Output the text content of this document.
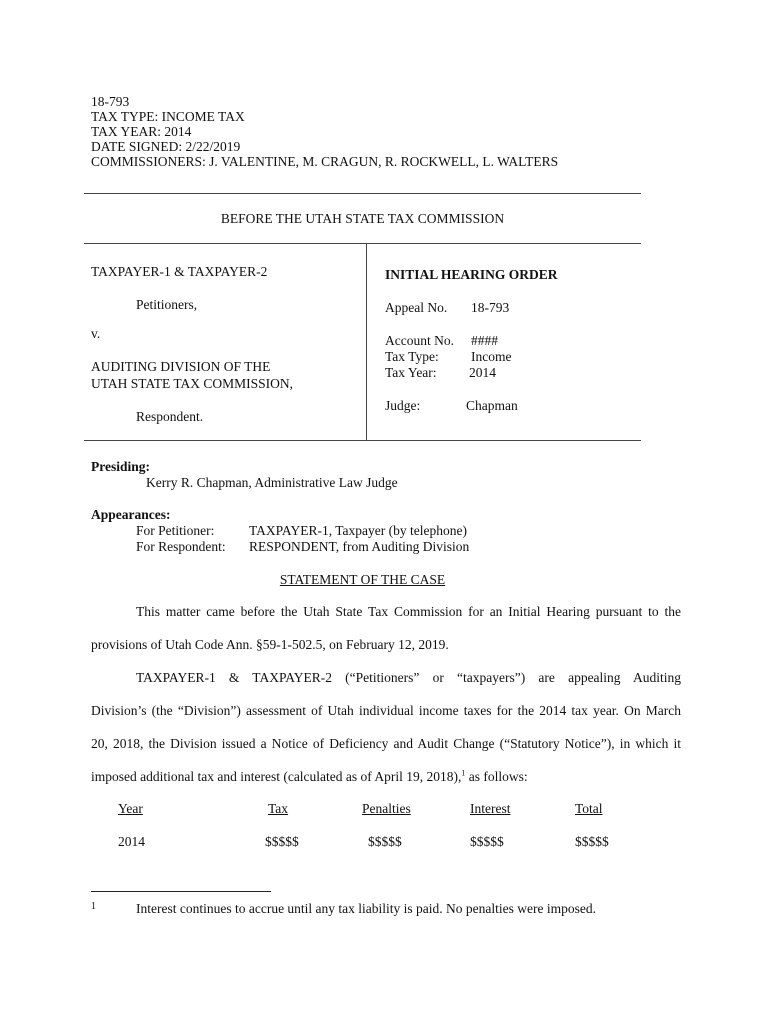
18-793
TAX TYPE: INCOME TAX
TAX YEAR: 2014
DATE SIGNED: 2/22/2019
COMMISSIONERS: J. VALENTINE, M. CRAGUN, R. ROCKWELL, L. WALTERS
BEFORE THE UTAH STATE TAX COMMISSION
TAXPAYER-1 & TAXPAYER-2
Petitioners,
v.
AUDITING DIVISION OF THE
UTAH STATE TAX COMMISSION,
Respondent.
INITIAL HEARING ORDER
Appeal No. 18-793
Account No. ####
Tax Type: Income
Tax Year: 2014
Judge:	Chapman
Presiding:
Kerry R. Chapman, Administrative Law Judge
Appearances:
For Petitioner:	TAXPAYER-1, Taxpayer (by telephone)
For Respondent: RESPONDENT, from Auditing Division
STATEMENT OF THE CASE
This matter came before the Utah State Tax Commission for an Initial Hearing pursuant to the
provisions of Utah Code Ann. §59-1-502.5, on February 12, 2019.
TAXPAYER-1 & TAXPAYER-2 (“Petitioners” or “taxpayers”) are appealing Auditing
Division’s (the “Division”) assessment of Utah individual income taxes for the 2014 tax year. On March
20, 2018, the Division issued a Notice of Deficiency and Audit Change (“Statutory Notice”), in which it
imposed additional tax and interest (calculated as of April 19, 2018),$^1$ as follows:
Year	Tax	Penalties	Interest	Total
2014	$$$$$	$$$$$	$$$$$	$$$$$
1	Interest continues to accrue until any tax liability is paid. No penalties were imposed.
